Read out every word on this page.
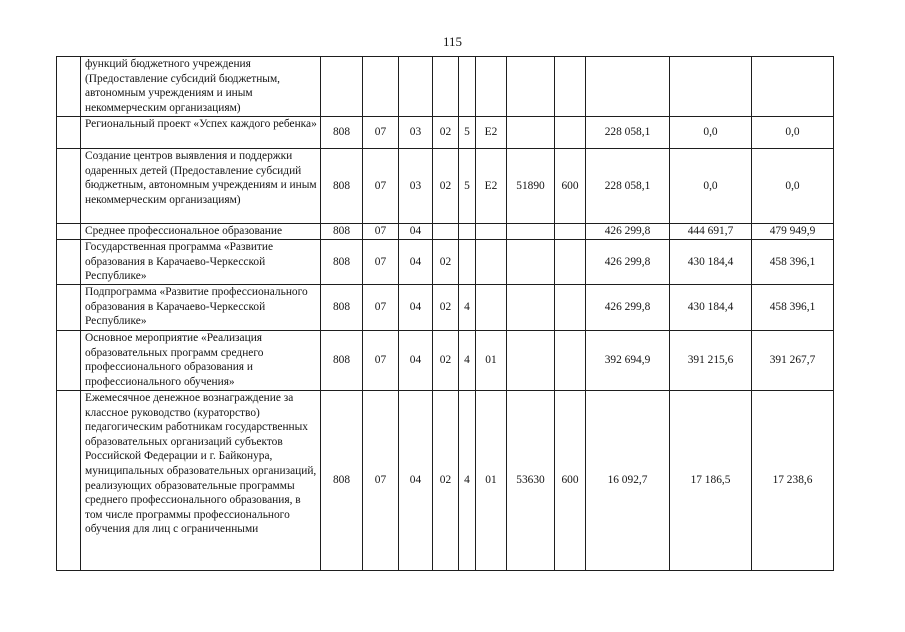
115
	функций бюджетного учреждения (Предоставление субсидий бюджетным, автономным учреждениям и иным некоммерческим организациям)											
	Региональный проект «Успех каждого ребенка»	808	07	03	02	5	E2			228 058,1	0,0	0,0
	Создание центров выявления и поддержки одаренных детей (Предоставление субсидий бюджетным, автономным учреждениям и иным некоммерческим организациям)	808	07	03	02	5	E2	51890	600	228 058,1	0,0	0,0
	Среднее профессиональное образование	808	07	04						426 299,8	444 691,7	479 949,9
	Государственная программа «Развитие образования в Карачаево-Черкесской Республике»	808	07	04	02					426 299,8	430 184,4	458 396,1
	Подпрограмма «Развитие профессионального образования в Карачаево-Черкесской Республике»	808	07	04	02	4				426 299,8	430 184,4	458 396,1
	Основное мероприятие «Реализация образовательных программ среднего профессионального образования и профессионального обучения»	808	07	04	02	4	01			392 694,9	391 215,6	391 267,7
	Ежемесячное денежное вознаграждение за классное руководство (кураторство) педагогическим работникам государственных образовательных организаций субъектов Российской Федерации и г. Байконура, муниципальных образовательных организаций, реализующих образовательные программы среднего профессионального образования, в том числе программы профессионального обучения для лиц с ограниченными	808	07	04	02	4	01	53630	600	16 092,7	17 186,5	17 238,6
